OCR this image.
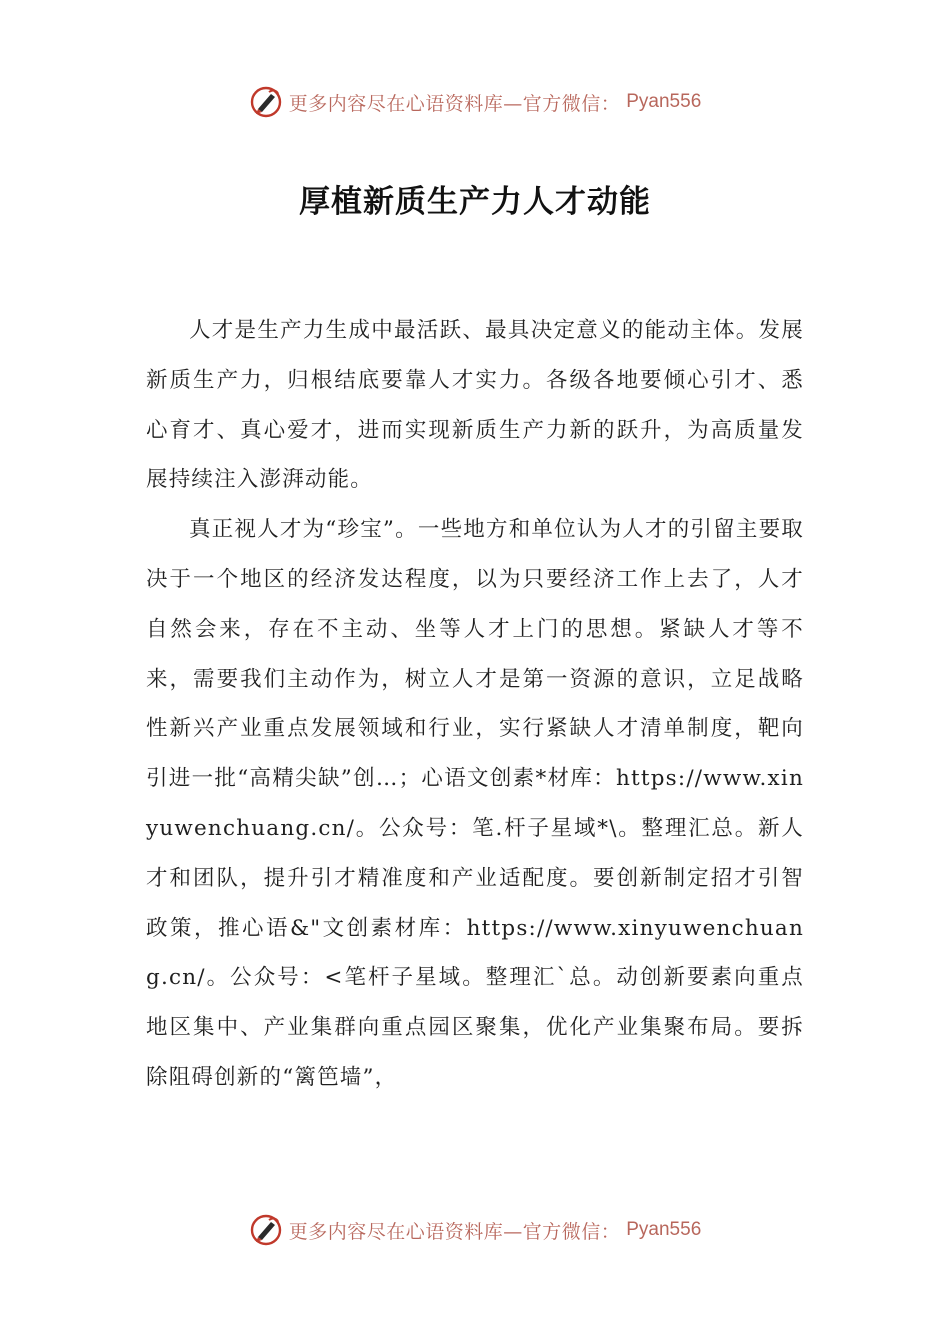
更多内容尽在心语资料库—官方微信： Pyan556
厚植新质生产力人才动能

人才是生产力生成中最活跃、最具决定意义的能动主体。发展新质生产力，归根结底要靠人才实力。各级各地要倾心引才、悉心育才、真心爱才，进而实现新质生产力新的跃升，为高质量发展持续注入澎湃动能。

真正视人才为“珍宝”。一些地方和单位认为人才的引留主要取决于一个地区的经济发达程度，以为只要经济工作上去了，人才自然会来，存在不主动、坐等人才上门的思想。紧缺人才等不来，需要我们主动作为，树立人才是第一资源的意识，立足战略性新兴产业重点发展领域和行业，实行紧缺人才清单制度，靶向引进一批“高精尖缺”创…；心语文创素*材库：https://www.xinyuwenchuang.cn/。公众号：笔.杆子星域*\。整理汇总。新人才和团队，提升引才精准度和产业适配度。要创新制定招才引智政策，推心语&"文创素材库：https://www.xinyuwenchuang.cn/。公众号：<笔杆子星域。整理汇`总。动创新要素向重点地区集中、产业集群向重点园区聚集，优化产业集聚布局。要拆除阻碍创新的“篱笆墙”，

更多内容尽在心语资料库—官方微信： Pyan556
